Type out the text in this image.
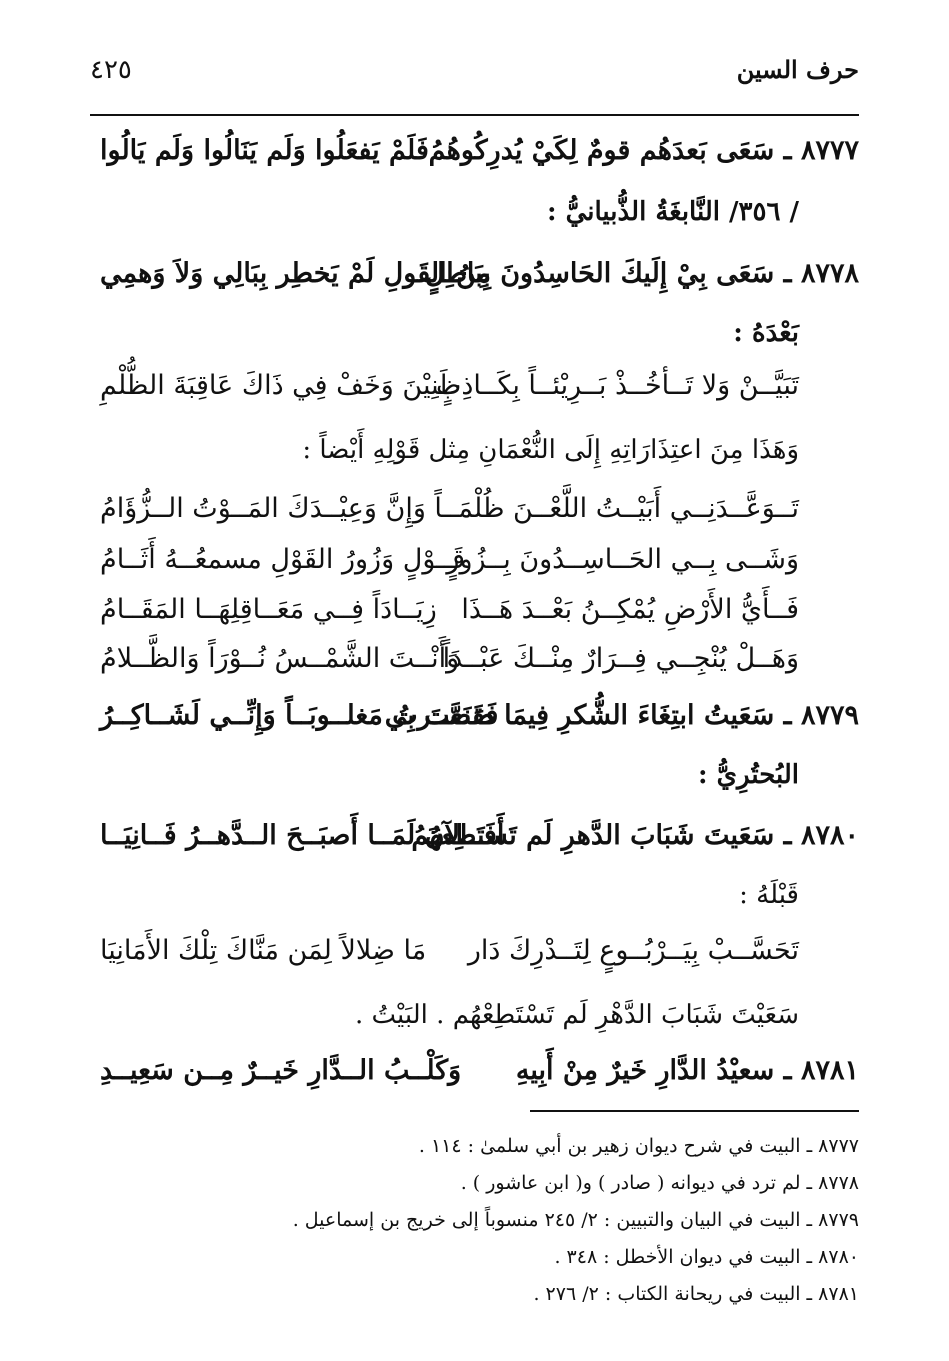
حرف السين
٤٢٥
٨٧٧٧ ـ سَعَى بَعدَهُم قومٌ لِكَيْ يُدرِكُوهُمُ
فَلَمْ يَفعَلُوا وَلَم يَنَالُوا وَلَم يَالُوا
/ ٣٥٦/ النَّابغَةُ الذُّبيانيُّ :
٨٧٧٨ ـ سَعَى بِيْ إِلَيكَ الحَاسِدُونَ بِبَاطِلٍ
مِنُ القَولِ لَمْ يَخطِر بِبَالِي وَلاَ وَهمِي
بَعْدَهُ :
تَبَيَّــنْ وَلا تَــأخُــذْ بَــرِيْئــاً بِكَــاذِبٍ
ظَنِيْنَ وَخَفْ فِي ذَاكَ عَاقِبَةَ الظُّلْمِ
وَهَذَا مِنَ اعتِذَارَاتِهِ إِلَى النُّعْمَانِ مِثل قَوْلِهِ أَيْضاً :
تَــوَعَّــدَنِــي أَبَيْــتُ اللَّعْــنَ ظُلْمَــاً
وَإِنَّ وَعِيْــدَكَ المَــوْتُ الــزُّؤَامُ
وَشَــى بِــي الحَــاسِــدُونَ بِــزُورٍ
قَــوْلٍ وَزُورُ القَوْلِ مسمعُــهُ أَثَــامُ
فَــأَيُّ الأَرْضِ يُمْكِــنُ بَعْــدَ هَــذَا
زِيَــادَاً فِــي مَعَــاقِلِهَــا المَقَــامُ
وَهَــلْ يُنْجِــي فِــرَارٌ مِنْــكَ عَبْــدَاً
وَأَنْــتَ الشَّمْــسُ نُــوْرَاً وَالظَّــلامُ
٨٧٧٩ ـ سَعَيتُ ابتِغَاءَ الشُّكرِ فِيمَا صَنَعتَ بِي
فَقَصَّــرتُ مَغلــوبَــاً وَإِنِّــي لَشَــاكِــرُ
البُحتُرِيُّ :
٨٧٨٠ ـ سَعَيتَ شَبَابَ الدَّهرِ لَم تَستَطِعهُمُ
أَفَــالآنَ لَمَــا أَصبَــحَ الــدَّهــرُ فَــانِيَــا
قَبْلَهُ :
تَحَسَّــبْ بِيَــرْبُــوعٍ لِتَــدْرِكَ دَار
مَا ضِلالاً لِمَن مَنَّاكَ تِلْكَ الأَمَانِيَا
سَعَيْتَ شَبَابَ الدَّهْرِ لَم تَسْتَطِعْهُم . البَيْتُ .
٨٧٨١ ـ سعيْدُ الدَّارِ خَيرٌ مِنْ أَبِيهِ
وَكَلْــبُ الــدَّارِ خَيــرٌ مِــن سَعِيــدِ
٨٧٧٧ ـ البيت في شرح ديوان زهير بن أبي سلمىٰ : ١١٤ .
٨٧٧٨ ـ لم ترد في ديوانه ( صادر ) و( ابن عاشور ) .
٨٧٧٩ ـ البيت في البيان والتبيين : ٢/ ٢٤٥ منسوباً إلى خريج بن إسماعيل .
٨٧٨٠ ـ البيت في ديوان الأخطل : ٣٤٨ .
٨٧٨١ ـ البيت في ريحانة الكتاب : ٢/ ٢٧٦ .
